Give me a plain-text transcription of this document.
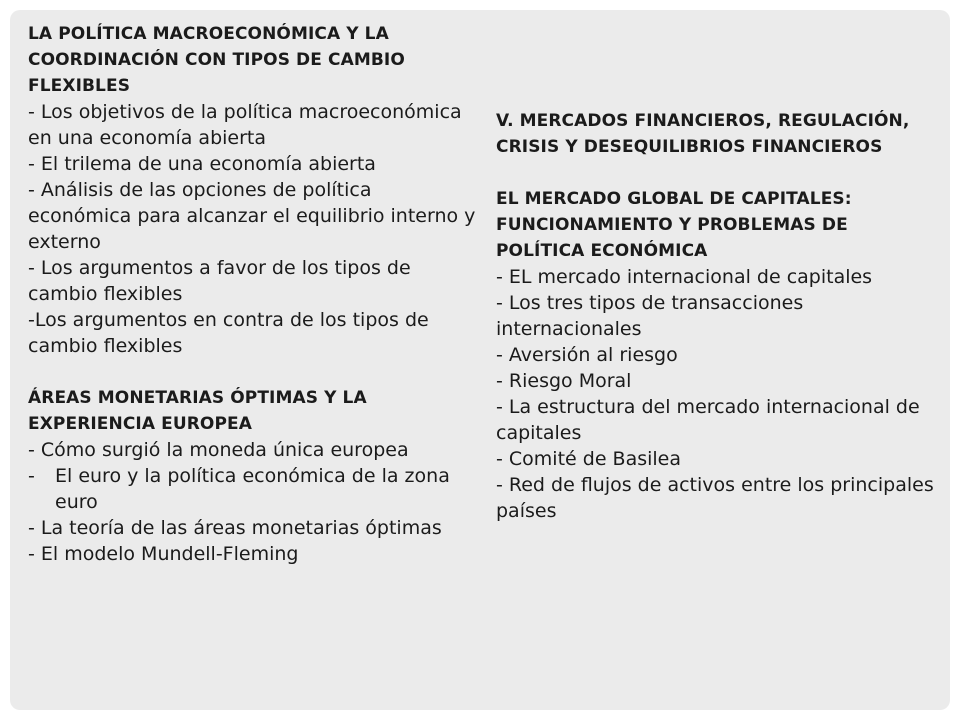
LA POLÍTICA MACROECONÓMICA Y LA COORDINACIÓN CON TIPOS DE CAMBIO FLEXIBLES

- Los objetivos de la política macroeconómica en una economía abierta

- El trilema de una economía abierta

- Análisis de las opciones de política económica para alcanzar el equilibrio interno y externo

- Los argumentos a favor de los tipos de cambio flexibles

-Los argumentos en contra de los tipos de cambio flexibles

ÁREAS MONETARIAS ÓPTIMAS Y LA EXPERIENCIA EUROPEA

- Cómo surgió la moneda única europea

-	El euro y la política económica de la zona euro

- La teoría de las áreas monetarias óptimas

- El modelo Mundell-Fleming

V. MERCADOS FINANCIEROS, REGULACIÓN, CRISIS Y DESEQUILIBRIOS FINANCIEROS

EL MERCADO GLOBAL DE CAPITALES: FUNCIONAMIENTO Y PROBLEMAS DE POLÍTICA ECONÓMICA

- EL mercado internacional de capitales

- Los tres tipos de transacciones internacionales

- Aversión al riesgo

- Riesgo Moral

- La estructura del mercado internacional de capitales

- Comité de Basilea

- Red de flujos de activos entre los principales países
